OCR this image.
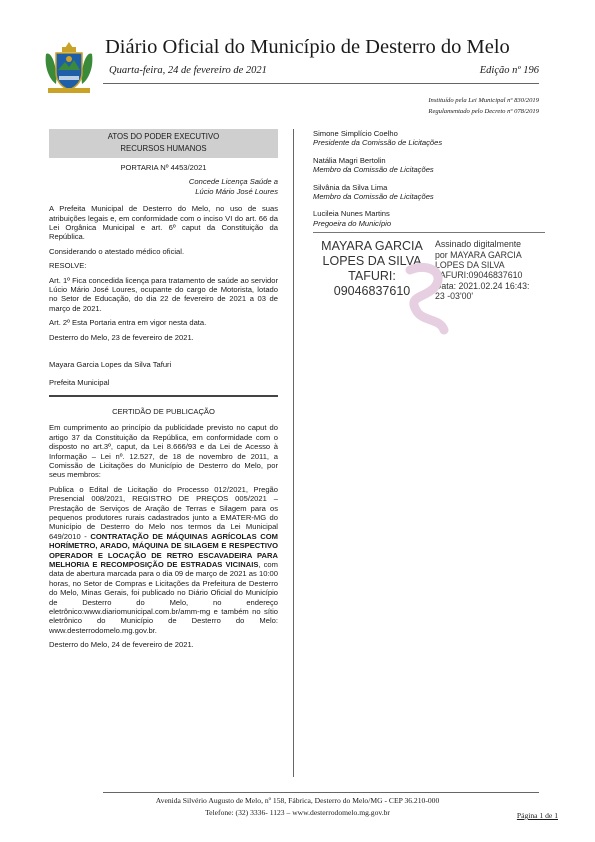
Diário Oficial do Município de Desterro do Melo
Quarta-feira, 24 de fevereiro de 2021	Edição nº 196
Instituído pela Lei Municipal nº 830/2019
Regulamentado pelo Decreto nº 078/2019
ATOS DO PODER EXECUTIVO
RECURSOS HUMANOS

PORTARIA Nº 4453/2021

Concede Licença Saúde a

Lúcio Mário José Loures

A Prefeita Municipal de Desterro do Melo, no uso de suas atribuições legais e, em conformidade com o inciso VI do art. 66 da Lei Orgânica Municipal e art. 6º caput da Constituição da República.

Considerando o atestado médico oficial.

RESOLVE:

Art. 1º Fica concedida licença para tratamento de saúde ao servidor Lúcio Mário José Loures, ocupante do cargo de Motorista, lotado no Setor de Educação, do dia 22 de fevereiro de 2021 a 03 de março de 2021.

Art. 2º Esta Portaria entra em vigor nesta data.

Desterro do Melo, 23 de fevereiro de 2021.

Mayara Garcia Lopes da Silva Tafuri

Prefeita Municipal

CERTIDÃO DE PUBLICAÇÃO

Em cumprimento ao princípio da publicidade previsto no caput do artigo 37 da Constituição da República, em conformidade com o disposto no art.3º, caput, da Lei 8.666/93 e da Lei de Acesso à Informação – Lei nº. 12.527, de 18 de novembro de 2011, a Comissão de Licitações do Município de Desterro do Melo, por seus membros:

Publica o Edital de Licitação do Processo 012/2021, Pregão Presencial 008/2021, REGISTRO DE PREÇOS 005/2021 – Prestação de Serviços de Aração de Terras e Silagem para os pequenos produtores rurais cadastrados junto a EMATER-MG do Município de Desterro do Melo nos termos da Lei Municipal 649/2010 - CONTRATAÇÃO DE MÁQUINAS AGRÍCOLAS COM HORÍMETRO, ARADO, MÁQUINA DE SILAGEM E RESPECTIVO OPERADOR E LOCAÇÃO DE RETRO ESCAVADEIRA PARA MELHORIA E RECOMPOSIÇÃO DE ESTRADAS VICINAIS, com data de abertura marcada para o dia 09 de março de 2021 as 10:00 horas, no Setor de Compras e Licitações da Prefeitura de Desterro do Melo, Minas Gerais, foi publicado no Diário Oficial do Município de Desterro do Melo, no endereço eletrônico:www.diariomunicipal.com.br/amm-mg e também no sítio eletrônico do Município de Desterro do Melo: www.desterrodomelo.mg.gov.br.

Desterro do Melo, 24 de fevereiro de 2021.

Simone Simplício Coelho
Presidente da Comissão de Licitações
Natália Magri Bertolin
Membro da Comissão de Licitações
Silvânia da Silva Lima
Membro da Comissão de Licitações
Lucileia Nunes Martins
Pregoeira do Município
MAYARA GARCIA
LOPES DA SILVA
TAFURI:
09046837610
Assinado digitalmente
por MAYARA GARCIA
LOPES DA SILVA
TAFURI:09046837610
Data: 2021.02.24 16:43:
23 -03'00'
Avenida Silvério Augusto de Melo, nº 158, Fábrica, Desterro do Melo/MG - CEP 36.210-000
Telefone: (32) 3336- 1123 – www.desterrodomelo.mg.gov.br	Página 1 de 1
